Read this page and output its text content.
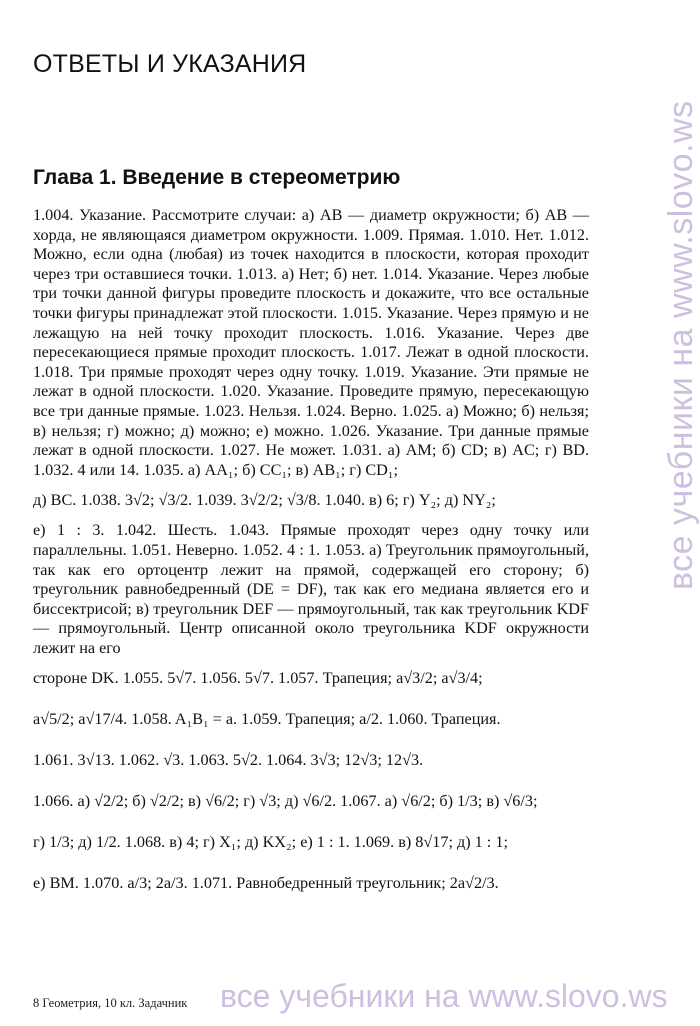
все учебники на www.slovo.ws
ОТВЕТЫ И УКАЗАНИЯ
Глава 1. Введение в стереометрию

1.004. Указание. Рассмотрите случаи: а) AB — диаметр окружности; б) AB — хорда, не являющаяся диаметром окружности. 1.009. Прямая. 1.010. Нет. 1.012. Можно, если одна (любая) из точек находится в плоскости, которая проходит через три оставшиеся точки. 1.013. а) Нет; б) нет. 1.014. Указание. Через любые три точки данной фигуры проведите плоскость и докажите, что все остальные точки фигуры принадлежат этой плоскости. 1.015. Указание. Через прямую и не лежащую на ней точку проходит плоскость. 1.016. Указание. Через две пересекающиеся прямые проходит плоскость. 1.017. Лежат в одной плоскости. 1.018. Три прямые проходят через одну точку. 1.019. Указание. Эти прямые не лежат в одной плоскости. 1.020. Указание. Проведите прямую, пересекающую все три данные прямые. 1.023. Нельзя. 1.024. Верно. 1.025. а) Можно; б) нельзя; в) нельзя; г) можно; д) можно; е) можно. 1.026. Указание. Три данные прямые лежат в одной плоскости. 1.027. Не может. 1.031. а) AM; б) CD; в) AC; г) BD. 1.032. 4 или 14. 1.035. а) AA₁; б) CC₁; в) AB₁; г) CD₁;

д) BC. 1.038. 3√2; √3/2. 1.039. 3√2/2; √3/8. 1.040. в) 6; г) Y₂; д) NY₂;

е) 1 : 3. 1.042. Шесть. 1.043. Прямые проходят через одну точку или параллельны. 1.051. Неверно. 1.052. 4 : 1. 1.053. а) Треугольник прямоугольный, так как его ортоцентр лежит на прямой, содержащей его сторону; б) треугольник равнобедренный (DE = DF), так как его медиана является его и биссектрисой; в) треугольник DEF — прямоугольный, так как треугольник KDF — прямоугольный. Центр описанной около треугольника KDF окружности лежит на его

стороне DK. 1.055. 5√7. 1.056. 5√7. 1.057. Трапеция; a√3/2; a√3/4;

a√5/2; a√17/4. 1.058. A₁B₁ = a. 1.059. Трапеция; a/2. 1.060. Трапеция.

1.061. 3√13. 1.062. √3. 1.063. 5√2. 1.064. 3√3; 12√3; 12√3.

1.066. а) √2/2; б) √2/2; в) √6/2; г) √3; д) √6/2. 1.067. а) √6/2; б) 1/3; в) √6/3;

г) 1/3; д) 1/2. 1.068. в) 4; г) X₁; д) KX₂; е) 1 : 1. 1.069. в) 8√17; д) 1 : 1;

е) BM. 1.070. a/3; 2a/3. 1.071. Равнобедренный треугольник; 2a√2/3.

8 Геометрия, 10 кл. Задачник все учебники на www.slovo.ws
